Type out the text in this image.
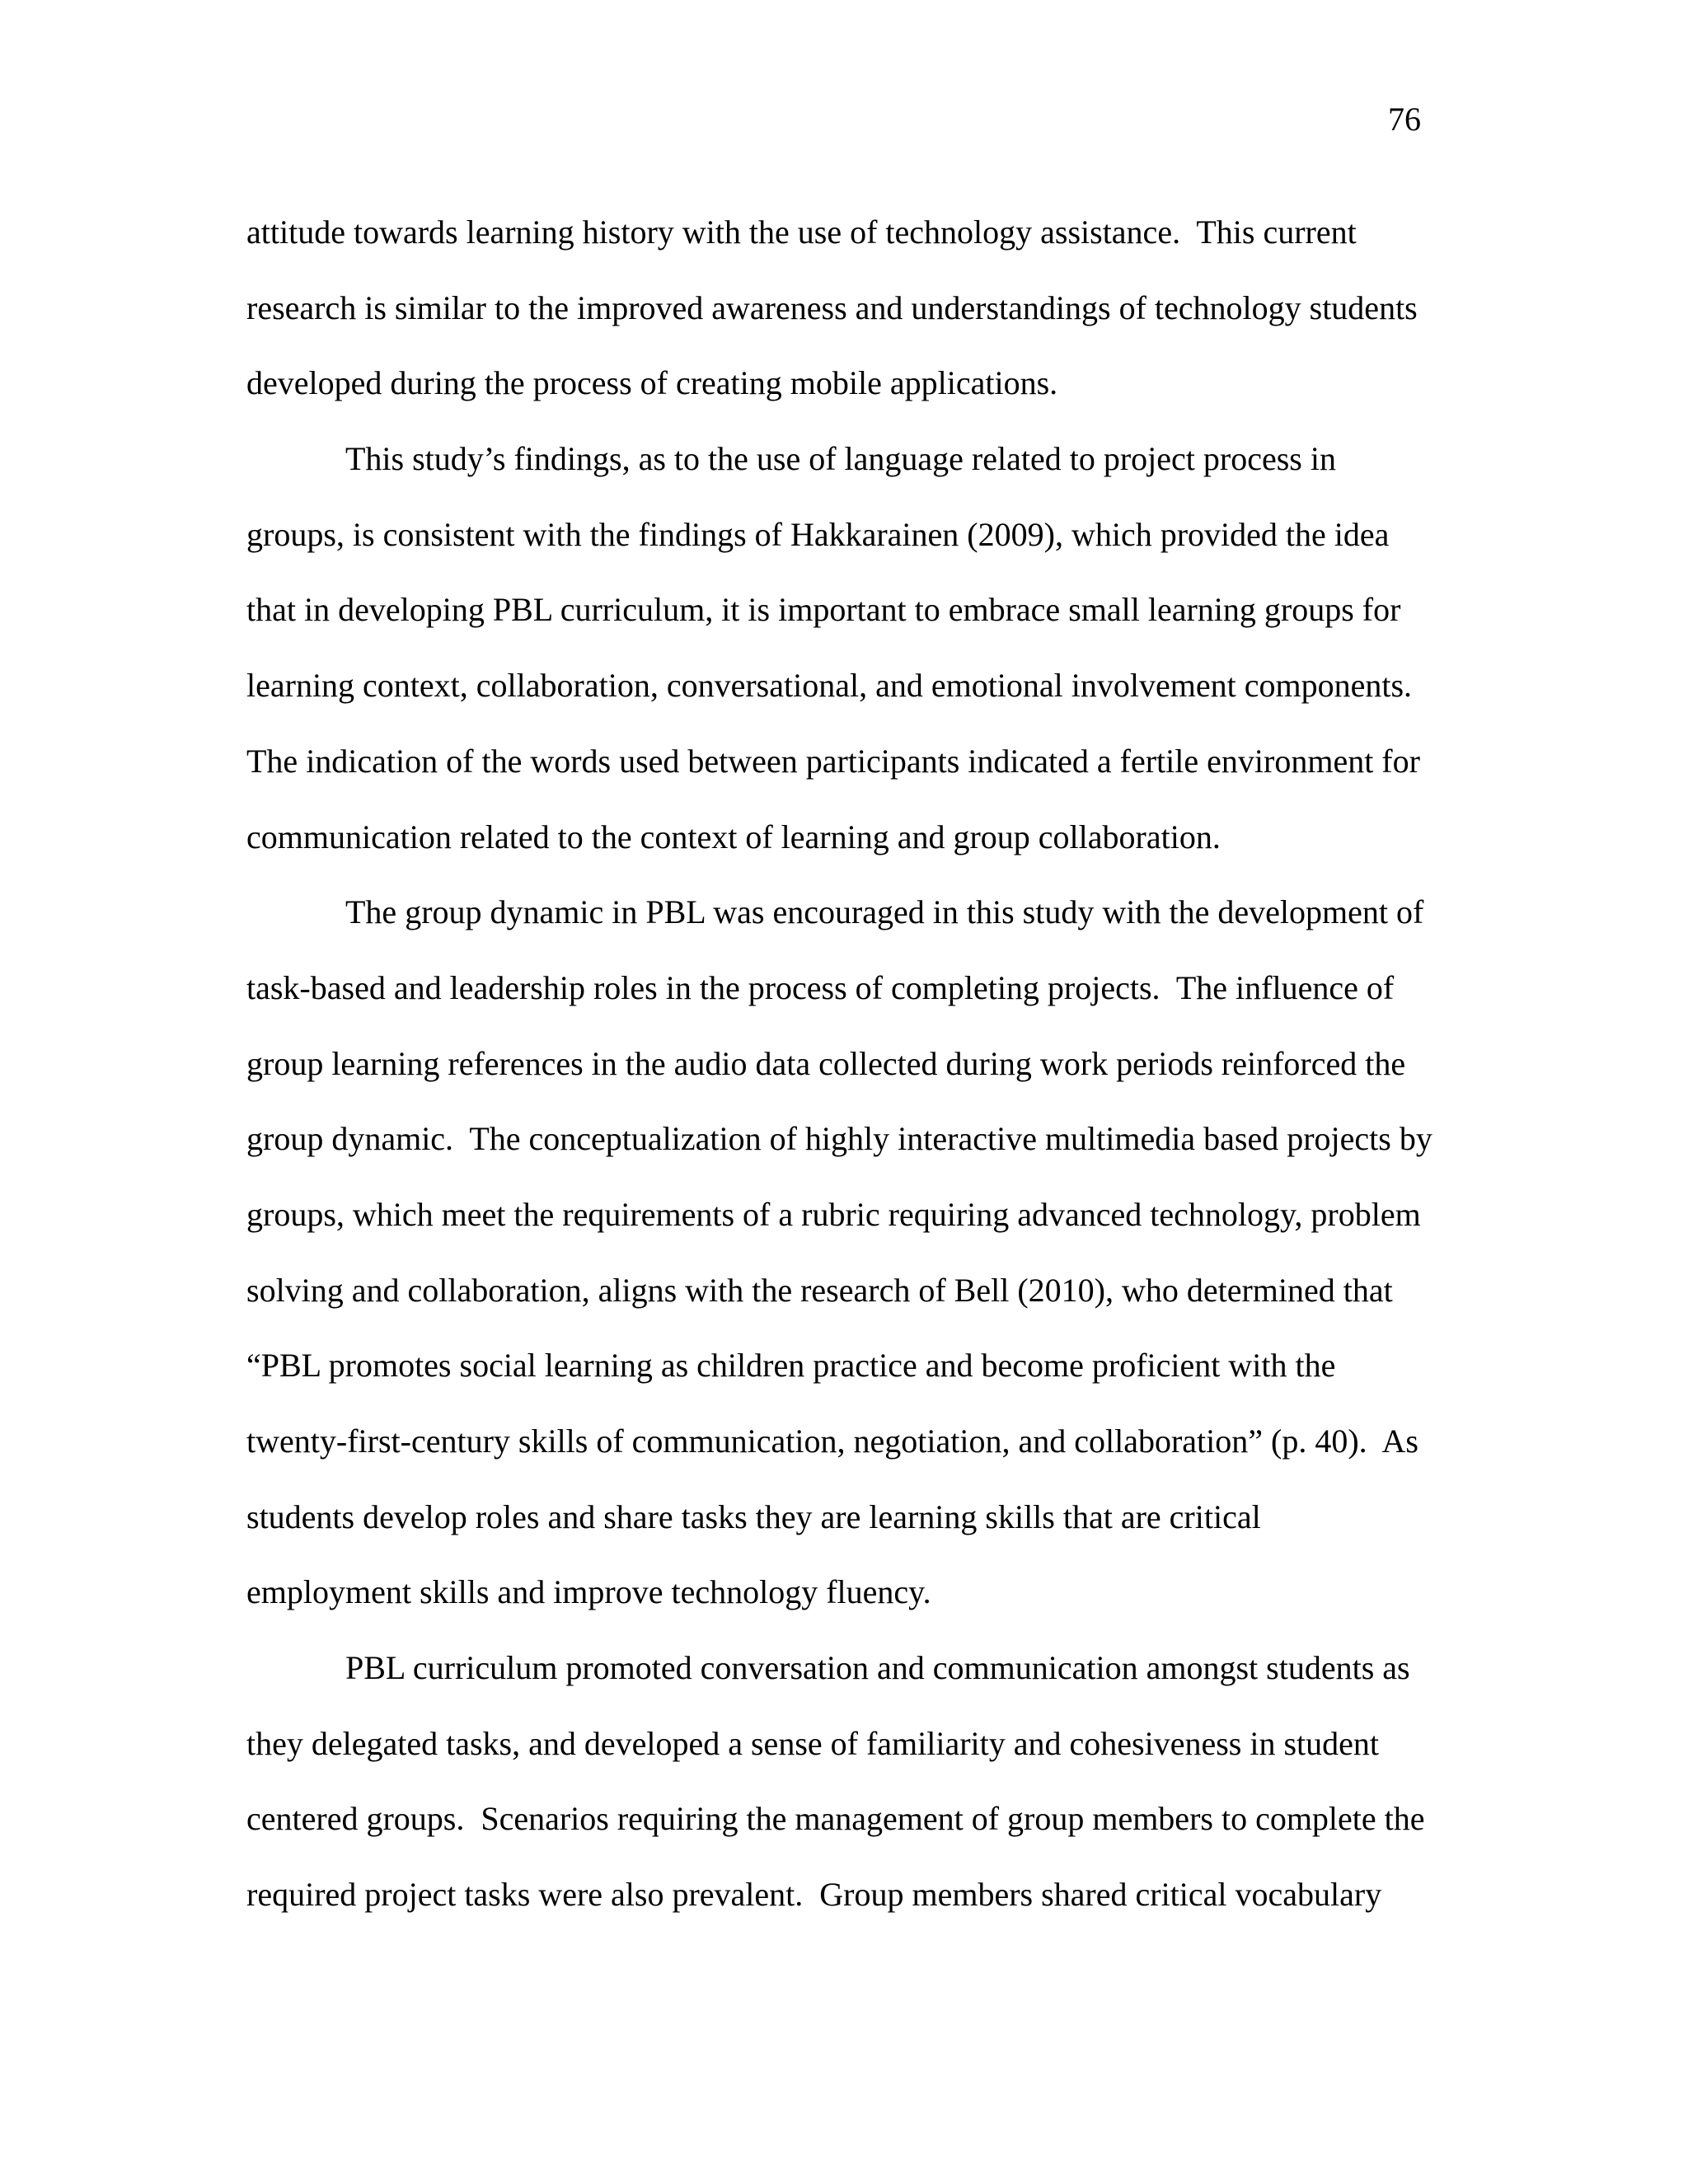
76
attitude towards learning history with the use of technology assistance.  This current
research is similar to the improved awareness and understandings of technology students
developed during the process of creating mobile applications.
This study’s findings, as to the use of language related to project process in
groups, is consistent with the findings of Hakkarainen (2009), which provided the idea
that in developing PBL curriculum, it is important to embrace small learning groups for
learning context, collaboration, conversational, and emotional involvement components.
The indication of the words used between participants indicated a fertile environment for
communication related to the context of learning and group collaboration.
The group dynamic in PBL was encouraged in this study with the development of
task-based and leadership roles in the process of completing projects.  The influence of
group learning references in the audio data collected during work periods reinforced the
group dynamic.  The conceptualization of highly interactive multimedia based projects by
groups, which meet the requirements of a rubric requiring advanced technology, problem
solving and collaboration, aligns with the research of Bell (2010), who determined that
“PBL promotes social learning as children practice and become proficient with the
twenty-first-century skills of communication, negotiation, and collaboration” (p. 40).  As
students develop roles and share tasks they are learning skills that are critical
employment skills and improve technology fluency.
PBL curriculum promoted conversation and communication amongst students as
they delegated tasks, and developed a sense of familiarity and cohesiveness in student
centered groups.  Scenarios requiring the management of group members to complete the
required project tasks were also prevalent.  Group members shared critical vocabulary
